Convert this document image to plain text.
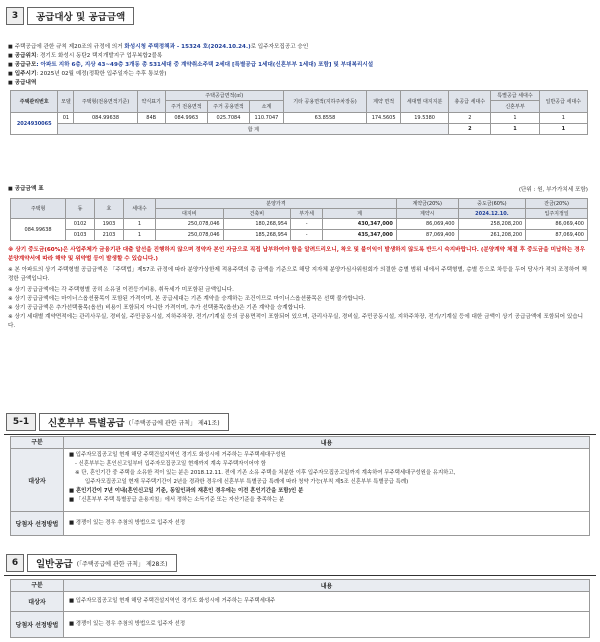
3	공급대상 및 공급금액
■ 주택공급에 관한 규칙 제20조의 규정에 의거 화성시청 주택정책과 - 15324 호(2024.10.24.)로 입주자모집공고 승인
■ 공급위치: 경기도 화성시 동탄2 택지개발지구 업무복합2블록
■ 공급규모: 아파트 지하 6층, 지상 43~49층 3개동 총 531세대 중 계약취소주택 2세대 [특별공급 1세대(신혼부부 1세대) 포함] 및 부대복리시설
■ 입주시기: 2025년 02월 예정(정확한 입주일자는 추후 통보함)
■ 공급내역
주택관리번호	모델	주택형(전용면적기준)	약식표기	주택공급면적(㎡)			기타 공용면적(지하주차장등)	계약 면적	세대별 대지지분	총공급 세대수	특별공급 세대수	일반공급 세대수
				주거 전용면적	주거 공용면적	소계					신혼부부	
2024930065	01	084.99638	84B	084.9963	025.7084	110.7047	63.8558	174.5605	19.5380	2	1	1
	합 계									2	1	1
■ 공급금액 표	(단위 : 원, 부가가치세 포함)
주택형	동	호	세대수	분양가격				계약금(20%)	중도금(60%)	잔금(20%)
				대지비	건축비	부가세	계	계약시	2024.12.10.	입주지정일
084.99638	0102	1903	1	250,078,046	180,268,954	-	430,347,000	86,069,400	258,208,200	86,069,400
	0103	2103	1	250,078,046	185,268,954	-	435,347,000	87,069,400	261,208,200	87,069,400
※ 상기 중도금(60%)은 사업주체가 금융기관 대출 알선을 진행하지 않으며 정약자 본인 자금으로 직접 납부하여야 함을 알려드리오니, 착오 및 불이익이 발생하지 않도록 반드시 숙지바랍니다. (분양계약 체결 후 중도금을 미납하는 경우 분양계약서에 따라 해약 및 위약벌 등이 발생할 수 있습니다.)
※ 본 아파트의 상기 주택형별 공급금액은 「주택법」제57조 규정에 따라 분양가상한제 적용주택의 총 금액을 기준으로 해당 지자체 분양가심사위원회가 의결한 층별 범위 내에서 주택형별, 층별 등으로 차등을 두어 당사가 적의 조정하여 책정한 금액입니다.
※ 상기 공급금액에는 각 주택형별 공히 소유권 이전등기비용, 취득세가 미포함된 금액입니다.
※ 상기 공급금액에는 마이너스옵션품목이 포함된 가격이며, 본 공급세대는 기존 계약을 승계하는 조건이므로 마이너스옵션품목은 선택 불가합니다.
※ 상기 공급금액은 추가선택품목(옵션) 비용이 포함되지 아니한 가격이며, 추가 선택품목(옵션)은 기존 계약을 승계합니다.
※ 상기 세대별 계약면적에는 관리사무실, 경비실, 주민공동시설, 지하주차장, 전기/기계실 등의 공용면적이 포함되어 있으며, 관리사무실, 경비실, 주민공동시설, 지하주차장, 전기/기계실 등에 대한 금액이 상기 공급금액에 포함되어 있습니다.
5-1	신혼부부 특별공급 (「주택공급에 관한 규칙」 제41조)
구분	내용
대상자
■ 입주자모집공고일 현재 해당 주택건설지역인 경기도 화성시에 거주하는 무주택세대구성원
- 신혼부부는 혼인신고일부터 입주자모집공고일 현재까지 계속 무주택자이어야 함
※ 단, 혼인기간 중 주택을 소유한 적이 있는 분은 2018.12.11. 전에 기존 소유 주택을 처분한 이후 입주자모집공고일까지 계속하여 무주택세대구성원을 유지하고,
입주자모집공고일 현재 무주택기간이 2년을 경과한 경우에 신혼부부 특별공급 특례에 따라 청약 가능(부칙 제5조 신혼부부 특별공급 특례)
■ 혼인기간이 7년 이내(혼인신고일 기준, 동일인과의 재혼인 경우에는 이전 혼인기간을 포함)인 분
■ 「신혼부부 주택 특별공급 운용지침」에서 정하는 소득기준 또는 자산기준을 충족하는 분
당첨자 선정방법	■ 경쟁이 있는 경우 추첨의 방법으로 입주자 선정
6	일반공급 (「주택공급에 관한 규칙」 제28조)
구분	내용
대상자	■ 입주자모집공고일 현재 해당 주택건설지역인 경기도 화성시에 거주하는 무주택세대주
당첨자 선정방법	■ 경쟁이 있는 경우 추첨의 방법으로 입주자 선정
